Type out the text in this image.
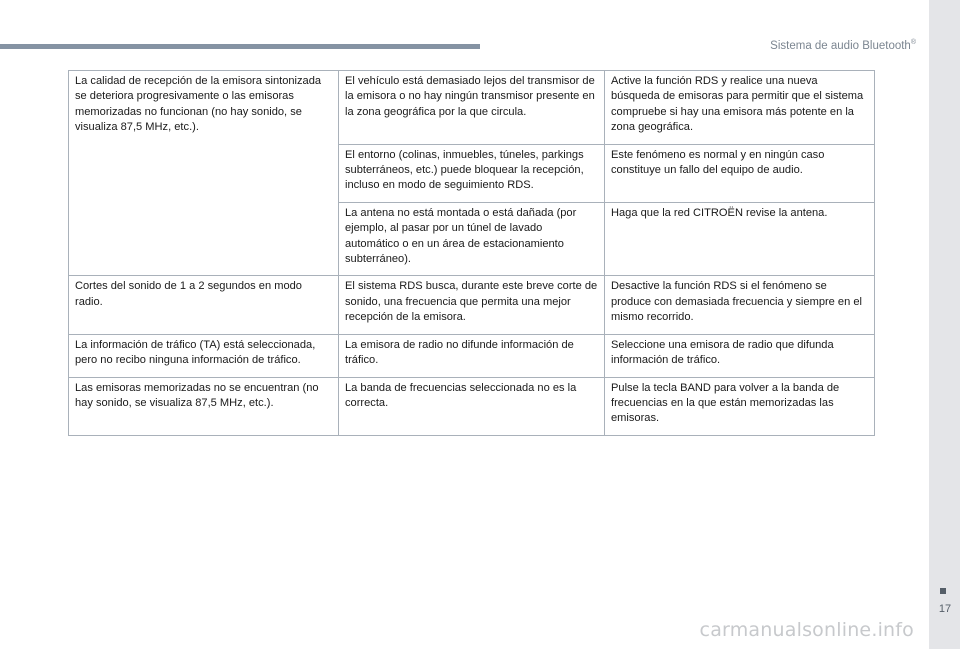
Sistema de audio Bluetooth®
La calidad de recepción de la emisora sintonizada se deteriora progresivamente o las emisoras memorizadas no funcionan (no hay sonido, se visualiza 87,5 MHz, etc.).	El vehículo está demasiado lejos del transmisor de la emisora o no hay ningún transmisor presente en la zona geográfica por la que circula.	Active la función RDS y realice una nueva búsqueda de emisoras para permitir que el sistema compruebe si hay una emisora más potente en la zona geográfica.
	El entorno (colinas, inmuebles, túneles, parkings subterráneos, etc.) puede bloquear la recepción, incluso en modo de seguimiento RDS.	Este fenómeno es normal y en ningún caso constituye un fallo del equipo de audio.
	La antena no está montada o está dañada (por ejemplo, al pasar por un túnel de lavado automático o en un área de estacionamiento subterráneo).	Haga que la red CITROËN revise la antena.
Cortes del sonido de 1 a 2 segundos en modo radio.	El sistema RDS busca, durante este breve corte de sonido, una frecuencia que permita una mejor recepción de la emisora.	Desactive la función RDS si el fenómeno se produce con demasiada frecuencia y siempre en el mismo recorrido.
La información de tráfico (TA) está seleccionada, pero no recibo ninguna información de tráfico.	La emisora de radio no difunde información de tráfico.	Seleccione una emisora de radio que difunda información de tráfico.
Las emisoras memorizadas no se encuentran (no hay sonido, se visualiza 87,5 MHz, etc.).	La banda de frecuencias seleccionada no es la correcta.	Pulse la tecla BAND para volver a la banda de frecuencias en la que están memorizadas las emisoras.
17
carmanualsonline.info
